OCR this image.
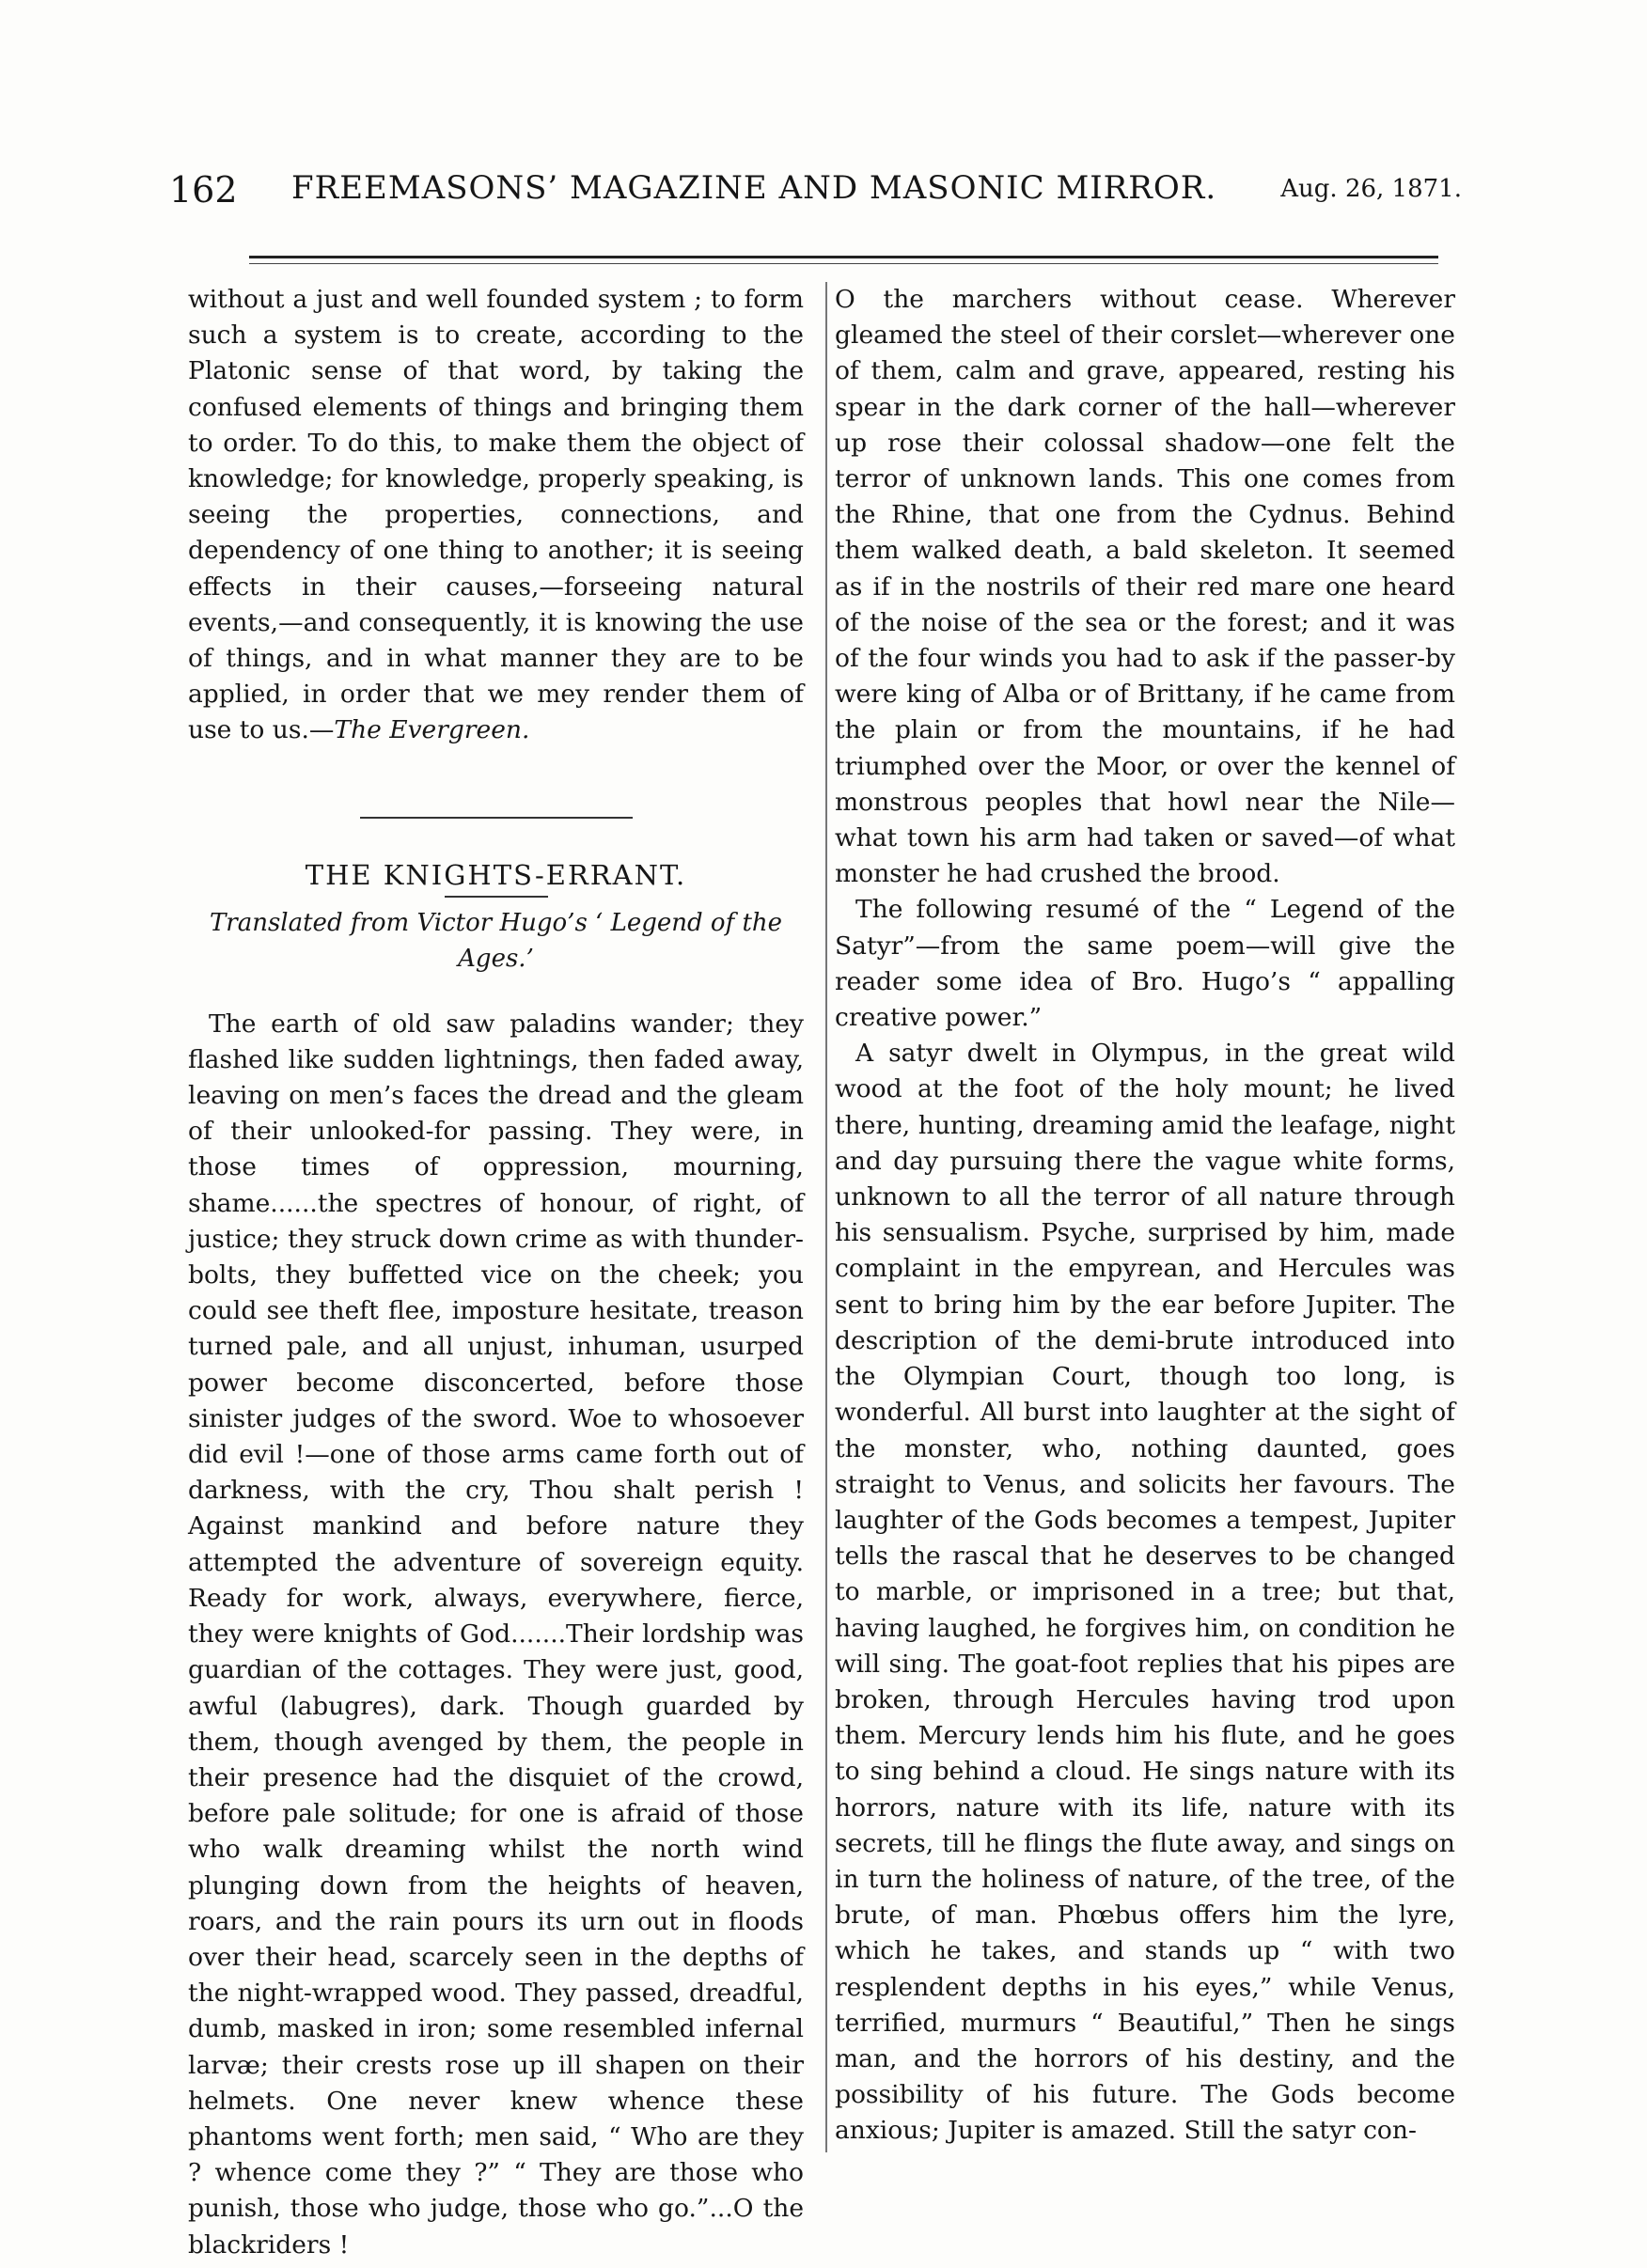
162 FREEMASONS’ MAGAZINE AND MASONIC MIRROR.	Aug. 26, 1871.

without a just and well founded system ; to form such a system is to create, according to the Platonic sense of that word, by taking the confused elements of things and bringing them to order. To do this, to make them the object of knowledge; for knowledge, properly speaking, is seeing the properties, connections, and dependency of one thing to another; it is seeing effects in their causes,—forseeing natural events,—and consequently, it is knowing the use of things, and in what manner they are to be applied, in order that we mey render them of use to us.—The Evergreen.

THE KNIGHTS-ERRANT.
Translated from Victor Hugo’s ‘ Legend of the Ages.’

The earth of old saw paladins wander; they flashed like sudden lightnings, then faded away, leaving on men’s faces the dread and the gleam of their unlooked-for passing. They were, in those times of oppression, mourning, shame......the spectres of honour, of right, of justice; they struck down crime as with thunder-bolts, they buffetted vice on the cheek; you could see theft flee, imposture hesitate, treason turned pale, and all unjust, inhuman, usurped power become disconcerted, before those sinister judges of the sword. Woe to whosoever did evil !—one of those arms came forth out of darkness, with the cry, Thou shalt perish ! Against mankind and before nature they attempted the adventure of sovereign equity. Ready for work, always, everywhere, fierce, they were knights of God.......Their lordship was guardian of the cottages. They were just, good, awful (labugres), dark. Though guarded by them, though avenged by them, the people in their presence had the disquiet of the crowd, before pale solitude; for one is afraid of those who walk dreaming whilst the north wind plunging down from the heights of heaven, roars, and the rain pours its urn out in floods over their head, scarcely seen in the depths of the night-wrapped wood. They passed, dreadful, dumb, masked in iron; some resembled infernal larvæ; their crests rose up ill shapen on their helmets. One never knew whence these phantoms went forth; men said, “ Who are they ? whence come they ?” “ They are those who punish, those who judge, those who go.”...O the blackriders !

O the marchers without cease. Wherever gleamed the steel of their corslet—wherever one of them, calm and grave, appeared, resting his spear in the dark corner of the hall—wherever up rose their colossal shadow—one felt the terror of unknown lands. This one comes from the Rhine, that one from the Cydnus. Behind them walked death, a bald skeleton. It seemed as if in the nostrils of their red mare one heard of the noise of the sea or the forest; and it was of the four winds you had to ask if the passer-by were king of Alba or of Brittany, if he came from the plain or from the mountains, if he had triumphed over the Moor, or over the kennel of monstrous peoples that howl near the Nile—what town his arm had taken or saved—of what monster he had crushed the brood.

The following resumé of the “ Legend of the Satyr”—from the same poem—will give the reader some idea of Bro. Hugo’s “ appalling creative power.”

A satyr dwelt in Olympus, in the great wild wood at the foot of the holy mount; he lived there, hunting, dreaming amid the leafage, night and day pursuing there the vague white forms, unknown to all the terror of all nature through his sensualism. Psyche, surprised by him, made complaint in the empyrean, and Hercules was sent to bring him by the ear before Jupiter. The description of the demi-brute introduced into the Olympian Court, though too long, is wonderful. All burst into laughter at the sight of the monster, who, nothing daunted, goes straight to Venus, and solicits her favours. The laughter of the Gods becomes a tempest, Jupiter tells the rascal that he deserves to be changed to marble, or imprisoned in a tree; but that, having laughed, he forgives him, on condition he will sing. The goat-foot replies that his pipes are broken, through Hercules having trod upon them. Mercury lends him his flute, and he goes to sing behind a cloud. He sings nature with its horrors, nature with its life, nature with its secrets, till he flings the flute away, and sings on in turn the holiness of nature, of the tree, of the brute, of man. Phœbus offers him the lyre, which he takes, and stands up “ with two resplendent depths in his eyes,” while Venus, terrified, murmurs “ Beautiful,” Then he sings man, and the horrors of his destiny, and the possibility of his future. The Gods become anxious; Jupiter is amazed. Still the satyr con-
